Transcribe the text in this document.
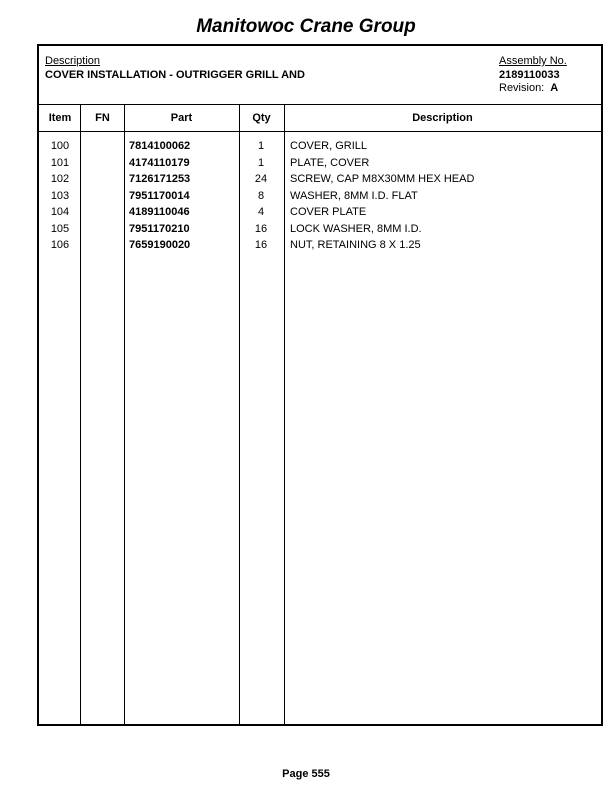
Manitowoc Crane Group
Description
COVER INSTALLATION - OUTRIGGER GRILL AND
Assembly No.
2189110033
Revision: A
Item	FN	Part	Qty	Description
100	7814100062	1	COVER, GRILL
101	4174110179	1	PLATE, COVER
102	7126171253	24	SCREW, CAP M8X30MM HEX HEAD
103	7951170014	8	WASHER, 8MM I.D. FLAT
104	4189110046	4	COVER PLATE
105	7951170210	16	LOCK WASHER, 8MM I.D.
106	7659190020	16	NUT, RETAINING 8 X 1.25
Page 555
